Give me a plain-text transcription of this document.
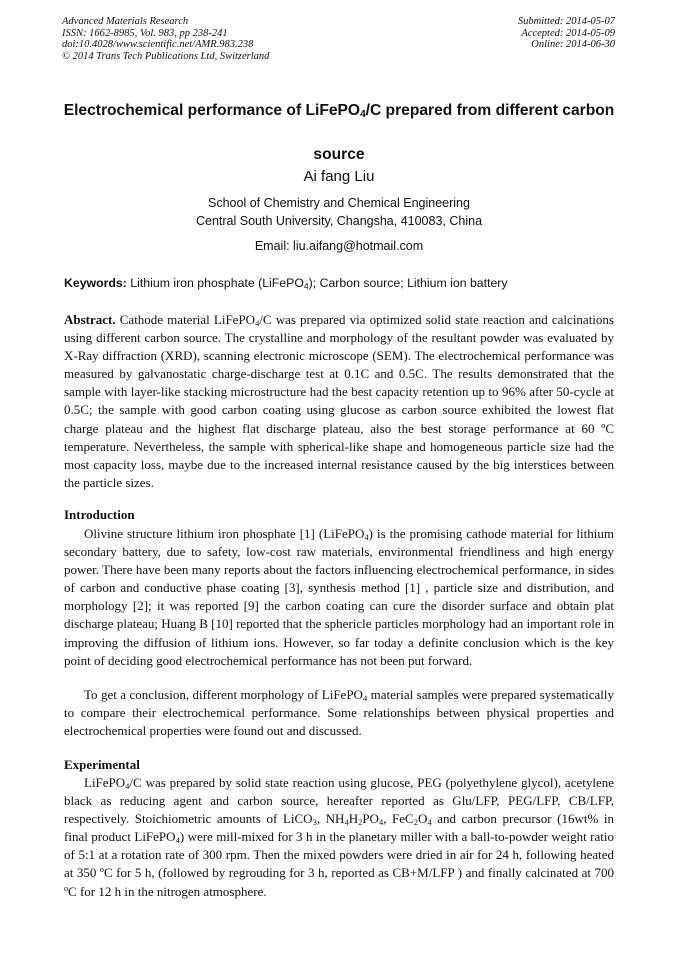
Advanced Materials Research
ISSN: 1662-8985, Vol. 983, pp 238-241
doi:10.4028/www.scientific.net/AMR.983.238
© 2014 Trans Tech Publications Ltd, Switzerland
Submitted: 2014-05-07
Accepted: 2014-05-09
Online: 2014-06-30
Electrochemical performance of LiFePO$_4$/C prepared from different carbon source
Ai fang Liu
School of Chemistry and Chemical Engineering
Central South University, Changsha, 410083, China
Email: liu.aifang@hotmail.com
Keywords: Lithium iron phosphate (LiFePO$_4$); Carbon source; Lithium ion battery
Abstract. Cathode material LiFePO$_4$/C was prepared via optimized solid state reaction and calcinations using different carbon source. The crystalline and morphology of the resultant powder was evaluated by X-Ray diffraction (XRD), scanning electronic microscope (SEM). The electrochemical performance was measured by galvanostatic charge-discharge test at 0.1C and 0.5C. The results demonstrated that the sample with layer-like stacking microstructure had the best capacity retention up to 96% after 50-cycle at 0.5C; the sample with good carbon coating using glucose as carbon source exhibited the lowest flat charge plateau and the highest flat discharge plateau, also the best storage performance at 60 ºC temperature. Nevertheless, the sample with spherical-like shape and homogeneous particle size had the most capacity loss, maybe due to the increased internal resistance caused by the big interstices between the particle sizes.
Introduction

Olivine structure lithium iron phosphate [1] (LiFePO$_4$) is the promising cathode material for lithium secondary battery, due to safety, low-cost raw materials, environmental friendliness and high energy power. There have been many reports about the factors influencing electrochemical performance, in sides of carbon and conductive phase coating [3], synthesis method [1] , particle size and distribution, and morphology [2]; it was reported [9] the carbon coating can cure the disorder surface and obtain plat discharge plateau; Huang B [10] reported that the sphericle particles morphology had an important role in improving the diffusion of lithium ions. However, so far today a definite conclusion which is the key point of deciding good electrochemical performance has not been put forward.

To get a conclusion, different morphology of LiFePO$_4$ material samples were prepared systematically to compare their electrochemical performance. Some relationships between physical properties and electrochemical properties were found out and discussed.

Experimental

LiFePO$_4$/C was prepared by solid state reaction using glucose, PEG (polyethylene glycol), acetylene black as reducing agent and carbon source, hereafter reported as Glu/LFP, PEG/LFP, CB/LFP, respectively. Stoichiometric amounts of LiCO$_3$, $NH_4H_2PO_4$, $FeC_2O_4$ and carbon precursor (16wt% in final product LiFePO$_4$) were mill-mixed for 3 h in the planetary miller with a ball-to-powder weight ratio of 5:1 at a rotation rate of 300 rpm. Then the mixed powders were dried in air for 24 h, following heated at 350 ºC for 5 h, (followed by regrouding for 3 h, reported as CB+M/LFP ) and finally calcinated at 700 ºC for 12 h in the nitrogen atmosphere.
